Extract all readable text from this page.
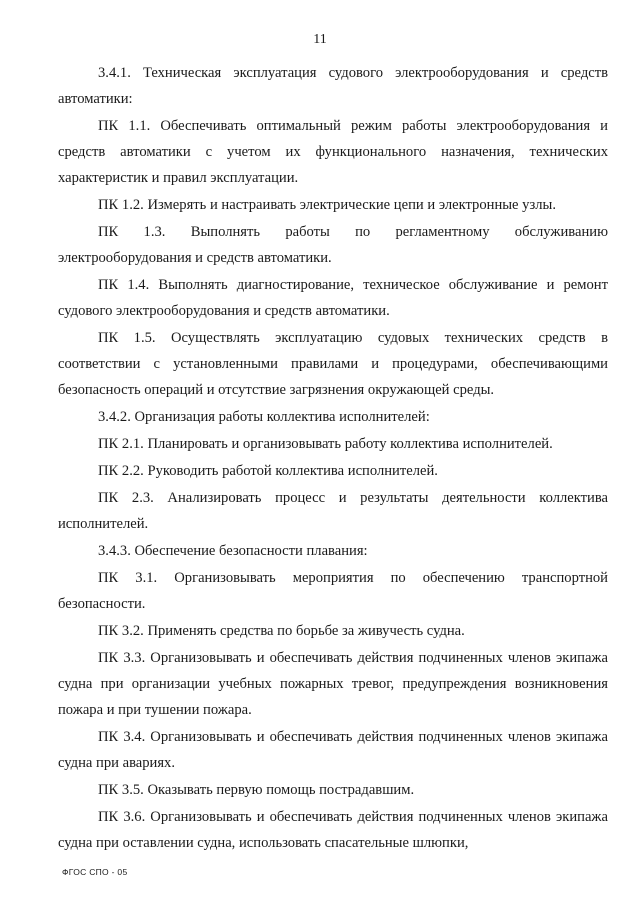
11

3.4.1. Техническая эксплуатация судового электрооборудования и средств автоматики:

ПК 1.1. Обеспечивать оптимальный режим работы электрооборудования и средств автоматики с учетом их функционального назначения, технических характеристик и правил эксплуатации.

ПК 1.2. Измерять и настраивать электрические цепи и электронные узлы.

ПК 1.3. Выполнять работы по регламентному обслуживанию электрооборудования и средств автоматики.

ПК 1.4. Выполнять диагностирование, техническое обслуживание и ремонт судового электрооборудования и средств автоматики.

ПК 1.5. Осуществлять эксплуатацию судовых технических средств в соответствии с установленными правилами и процедурами, обеспечивающими безопасность операций и отсутствие загрязнения окружающей среды.

3.4.2. Организация работы коллектива исполнителей:

ПК 2.1. Планировать и организовывать работу коллектива исполнителей.

ПК 2.2. Руководить работой коллектива исполнителей.

ПК 2.3. Анализировать процесс и результаты деятельности коллектива исполнителей.

3.4.3. Обеспечение безопасности плавания:

ПК 3.1. Организовывать мероприятия по обеспечению транспортной безопасности.

ПК 3.2. Применять средства по борьбе за живучесть судна.

ПК 3.3. Организовывать и обеспечивать действия подчиненных членов экипажа судна при организации учебных пожарных тревог, предупреждения возникновения пожара и при тушении пожара.

ПК 3.4. Организовывать и обеспечивать действия подчиненных членов экипажа судна при авариях.

ПК 3.5. Оказывать первую помощь пострадавшим.

ПК 3.6. Организовывать и обеспечивать действия подчиненных членов экипажа судна при оставлении судна, использовать спасательные шлюпки,

ФГОС СПО - 05
